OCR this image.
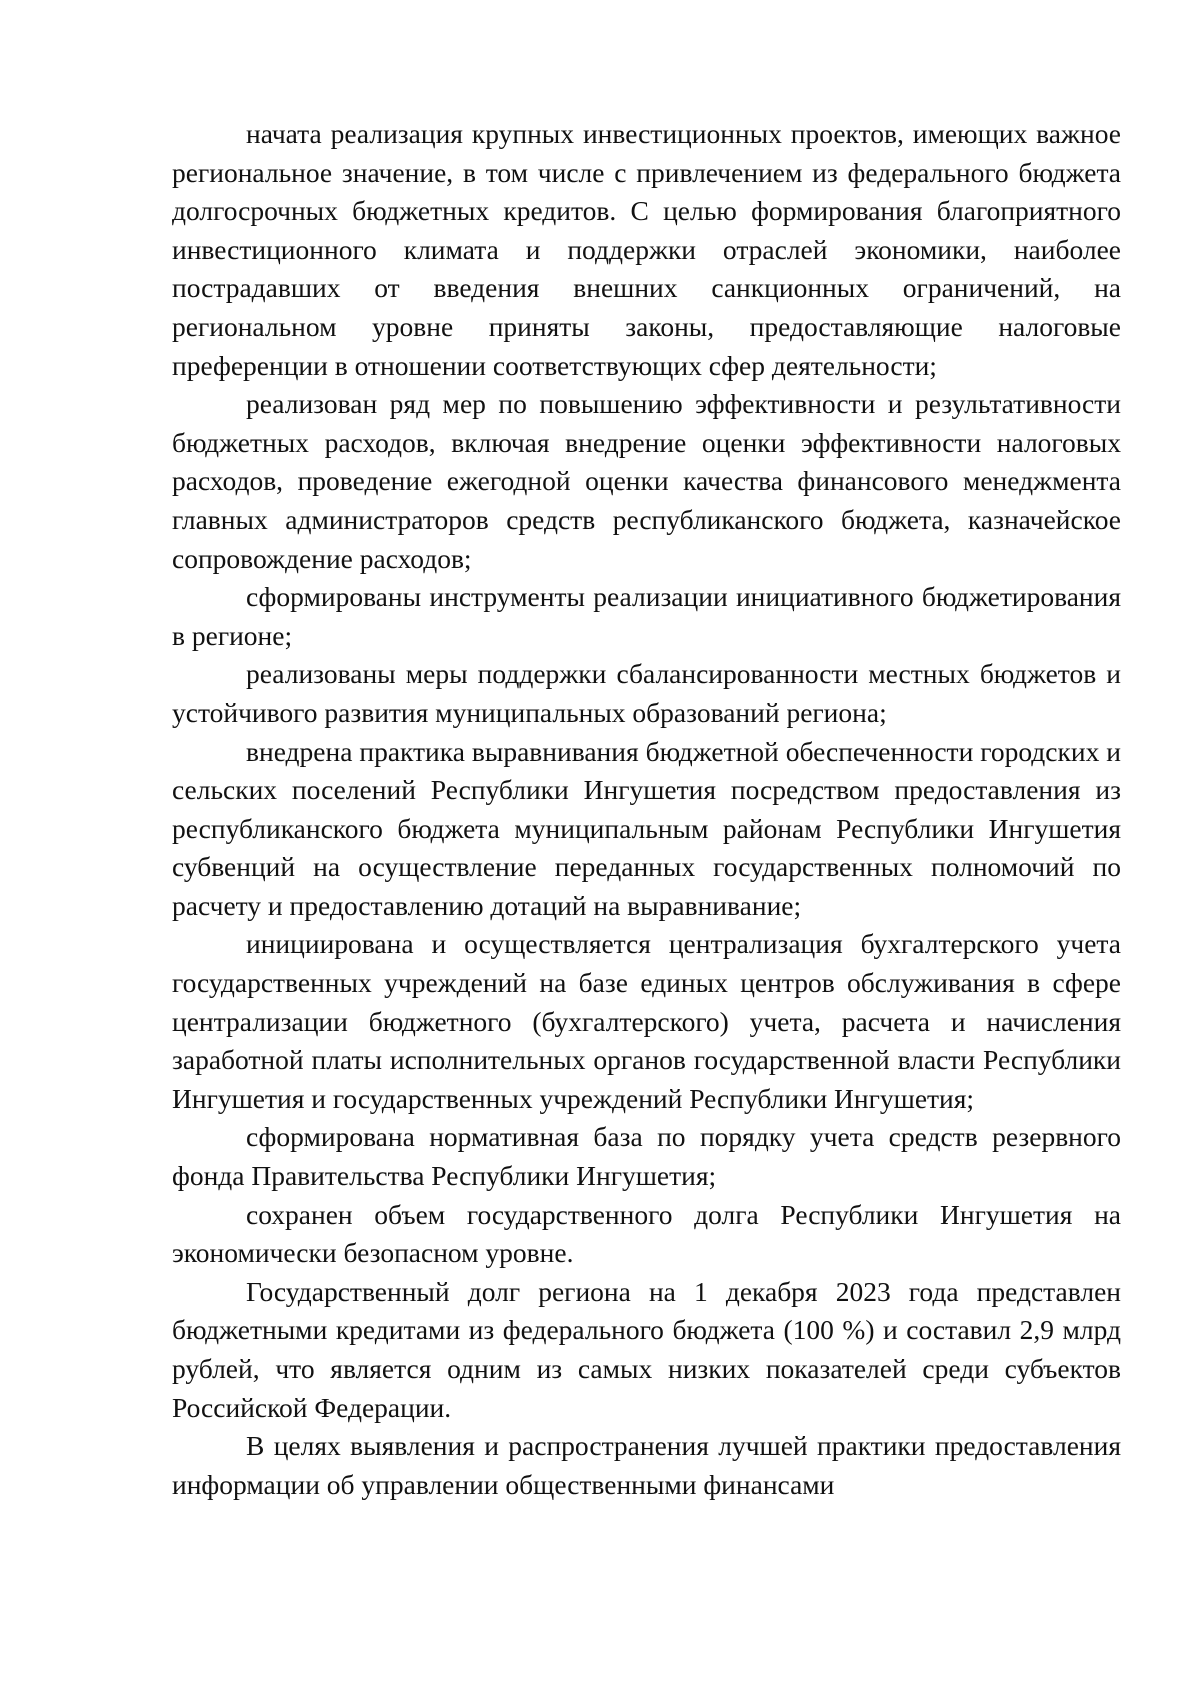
начата реализация крупных инвестиционных проектов, имеющих важное региональное значение, в том числе с привлечением из федерального бюджета долгосрочных бюджетных кредитов. С целью формирования благоприятного инвестиционного климата и поддержки отраслей экономики, наиболее пострадавших от введения внешних санкционных ограничений, на региональном уровне приняты законы, предоставляющие налоговые преференции в отношении соответствующих сфер деятельности;

реализован ряд мер по повышению эффективности и результативности бюджетных расходов, включая внедрение оценки эффективности налоговых расходов, проведение ежегодной оценки качества финансового менеджмента главных администраторов средств республиканского бюджета, казначейское сопровождение расходов;

сформированы инструменты реализации инициативного бюджетирования в регионе;

реализованы меры поддержки сбалансированности местных бюджетов и устойчивого развития муниципальных образований региона;

внедрена практика выравнивания бюджетной обеспеченности городских и сельских поселений Республики Ингушетия посредством предоставления из республиканского бюджета муниципальным районам Республики Ингушетия субвенций на осуществление переданных государственных полномочий по расчету и предоставлению дотаций на выравнивание;

инициирована и осуществляется централизация бухгалтерского учета государственных учреждений на базе единых центров обслуживания в сфере централизации бюджетного (бухгалтерского) учета, расчета и начисления заработной платы исполнительных органов государственной власти Республики Ингушетия и государственных учреждений Республики Ингушетия;

сформирована нормативная база по порядку учета средств резервного фонда Правительства Республики Ингушетия;

сохранен объем государственного долга Республики Ингушетия на экономически безопасном уровне.

Государственный долг региона на 1 декабря 2023 года представлен бюджетными кредитами из федерального бюджета (100 %) и составил 2,9 млрд рублей, что является одним из самых низких показателей среди субъектов Российской Федерации.

В целях выявления и распространения лучшей практики предоставления информации об управлении общественными финансами
